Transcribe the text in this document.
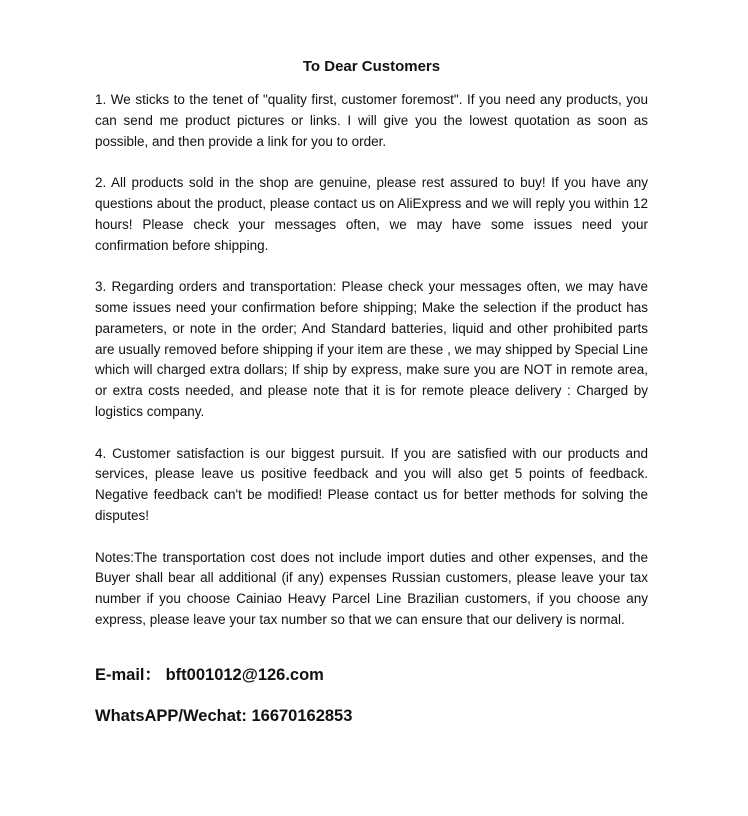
To Dear Customers

1. We sticks to the tenet of "quality first, customer foremost". If you need any products, you can send me product pictures or links. I will give you the lowest quotation as soon as possible, and then provide a link for you to order.

2. All products sold in the shop are genuine, please rest assured to buy! If you have any questions about the product, please contact us on AliExpress and we will reply you within 12 hours! Please check your messages often, we may have some issues need your confirmation before shipping.

3. Regarding orders and transportation: Please check your messages often, we may have some issues need your confirmation before shipping; Make the selection if the product has parameters, or note in the order; And Standard batteries, liquid and other prohibited parts are usually removed before shipping if your item are these , we may shipped by Special Line which will charged extra dollars; If ship by express, make sure you are NOT in remote area, or extra costs needed, and please note that it is for remote pleace delivery : Charged by logistics company.

4. Customer satisfaction is our biggest pursuit. If you are satisfied with our products and services, please leave us positive feedback and you will also get 5 points of feedback. Negative feedback can't be modified! Please contact us for better methods for solving the disputes!

Notes:The transportation cost does not include import duties and other expenses, and the Buyer shall bear all additional (if any) expenses Russian customers, please leave your tax number if you choose Cainiao Heavy Parcel Line Brazilian customers, if you choose any express, please leave your tax number so that we can ensure that our delivery is normal.

E-mail： bft001012@126.com

WhatsAPP/Wechat: 16670162853
